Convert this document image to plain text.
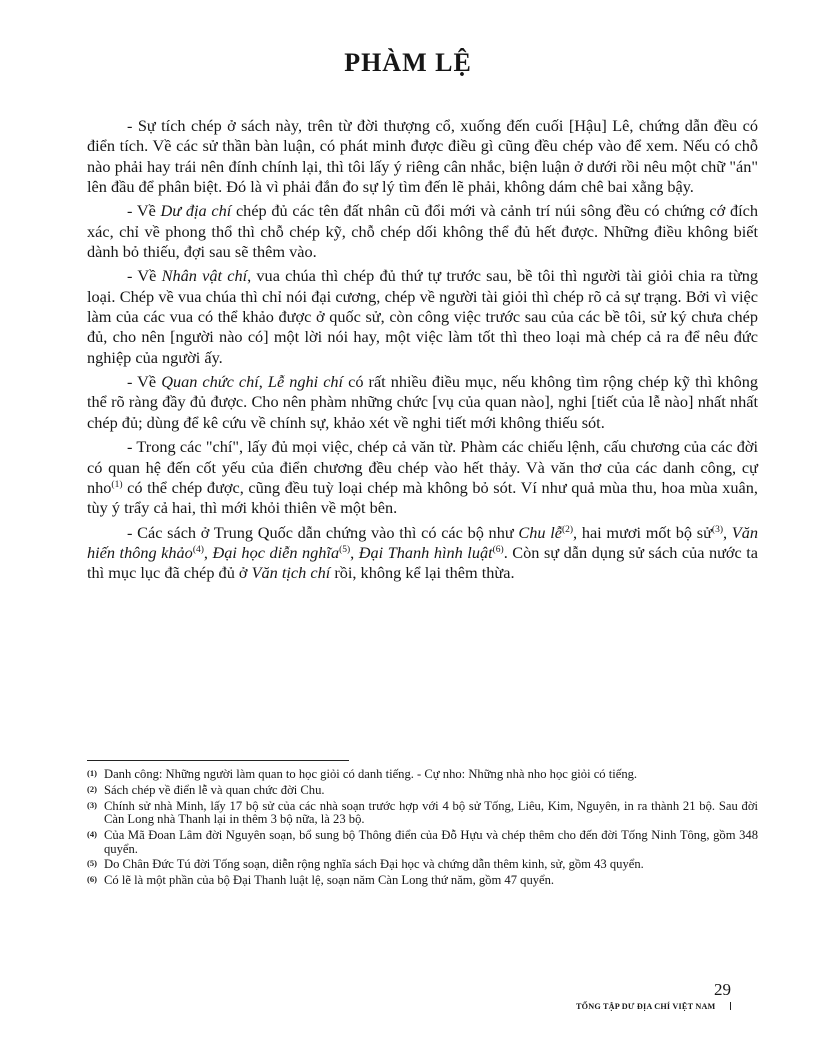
PHÀM LỆ

- Sự tích chép ở sách này, trên từ đời thượng cổ, xuống đến cuối [Hậu] Lê, chứng dẫn đều có điển tích. Về các sử thần bàn luận, có phát minh được điều gì cũng đều chép vào để xem. Nếu có chỗ nào phải hay trái nên đính chính lại, thì tôi lấy ý riêng cân nhắc, biện luận ở dưới rồi nêu một chữ "án" lên đầu để phân biệt. Đó là vì phải đắn đo sự lý tìm đến lẽ phải, không dám chê bai xằng bậy.

- Về Dư địa chí chép đủ các tên đất nhân cũ đổi mới và cảnh trí núi sông đều có chứng cớ đích xác, chỉ về phong thổ thì chỗ chép kỹ, chỗ chép dối không thể đủ hết được. Những điều không biết dành bỏ thiếu, đợi sau sẽ thêm vào.

- Về Nhân vật chí, vua chúa thì chép đủ thứ tự trước sau, bề tôi thì người tài giỏi chia ra từng loại. Chép về vua chúa thì chỉ nói đại cương, chép về người tài giỏi thì chép rõ cả sự trạng. Bởi vì việc làm của các vua có thể khảo được ở quốc sử, còn công việc trước sau của các bề tôi, sử ký chưa chép đủ, cho nên [người nào có] một lời nói hay, một việc làm tốt thì theo loại mà chép cả ra để nêu đức nghiệp của người ấy.

- Về Quan chức chí, Lễ nghi chí có rất nhiều điều mục, nếu không tìm rộng chép kỹ thì không thể rõ ràng đầy đủ được. Cho nên phàm những chức [vụ của quan nào], nghi [tiết của lễ nào] nhất nhất chép đủ; dùng để kê cứu về chính sự, khảo xét về nghi tiết mới không thiếu sót.

- Trong các "chí", lấy đủ mọi việc, chép cả văn từ. Phàm các chiếu lệnh, cấu chương của các đời có quan hệ đến cốt yếu của điển chương đều chép vào hết thảy. Và văn thơ của các danh công, cự nho$^{(1)}$ có thể chép được, cũng đều tuỳ loại chép mà không bỏ sót. Ví như quả mùa thu, hoa mùa xuân, tùy ý trẩy cả hai, thì mới khỏi thiên về một bên.

- Các sách ở Trung Quốc dẫn chứng vào thì có các bộ như Chu lễ$^{(2)}$, hai mươi mốt bộ sử$^{(3)}$, Văn hiến thông khảo$^{(4)}$, Đại học diễn nghĩa$^{(5)}$, Đại Thanh hình luật$^{(6)}$. Còn sự dẫn dụng sử sách của nước ta thì mục lục đã chép đủ ở Văn tịch chí rồi, không kể lại thêm thừa.

(1) Danh công: Những người làm quan to học giỏi có danh tiếng. - Cự nho: Những nhà nho học giỏi có tiếng.
(2) Sách chép về điển lễ và quan chức đời Chu.
(3) Chính sử nhà Minh, lấy 17 bộ sử của các nhà soạn trước hợp với 4 bộ sử Tống, Liêu, Kim, Nguyên, in ra thành 21 bộ. Sau đời Càn Long nhà Thanh lại in thêm 3 bộ nữa, là 23 bộ.
(4) Của Mã Đoan Lâm đời Nguyên soạn, bổ sung bộ Thông điển của Đỗ Hựu và chép thêm cho đến đời Tống Ninh Tông, gồm 348 quyển.
(5) Do Chân Đức Tú đời Tống soạn, diễn rộng nghĩa sách Đại học và chứng dẫn thêm kinh, sử, gồm 43 quyển.
(6) Có lẽ là một phần của bộ Đại Thanh luật lệ, soạn năm Càn Long thứ năm, gồm 47 quyển.
29
TỔNG TẬP DƯ ĐỊA CHÍ VIỆT NAM
